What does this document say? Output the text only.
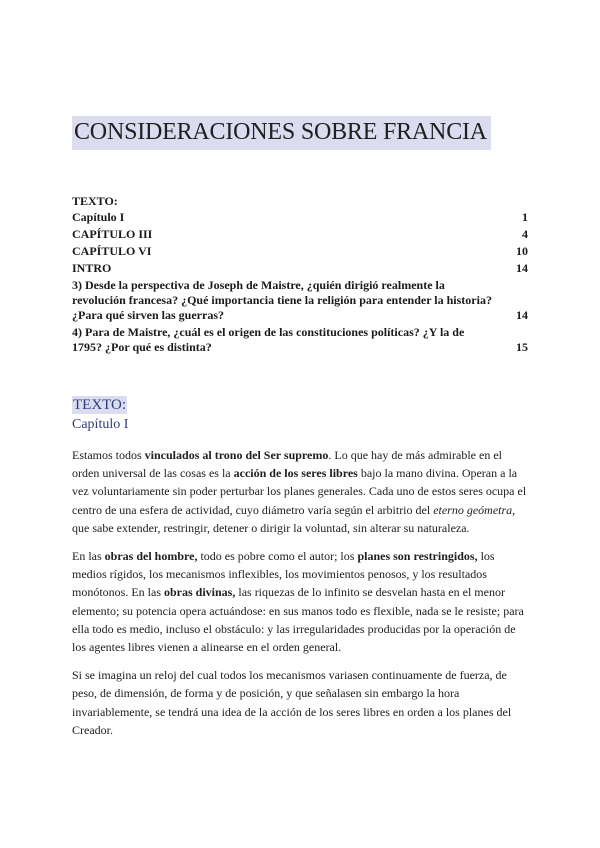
CONSIDERACIONES SOBRE FRANCIA
TEXTO:
Capítulo I	1
CAPÍTULO III	4
CAPÍTULO VI	10
INTRO	14
3) Desde la perspectiva de Joseph de Maistre, ¿quién dirigió realmente la revolución francesa? ¿Qué importancia tiene la religión para entender la historia? ¿Para qué sirven las guerras?	14
4) Para de Maistre, ¿cuál es el origen de las constituciones políticas? ¿Y la de 1795? ¿Por qué es distinta?	15
TEXTO:
Capítulo I

Estamos todos vinculados al trono del Ser supremo. Lo que hay de más admirable en el orden universal de las cosas es la acción de los seres libres bajo la mano divina. Operan a la vez voluntariamente sin poder perturbar los planes generales. Cada uno de estos seres ocupa el centro de una esfera de actividad, cuyo diámetro varía según el arbitrio del eterno geómetra, que sabe extender, restringir, detener o dirigir la voluntad, sin alterar su naturaleza.

En las obras del hombre, todo es pobre como el autor; los planes son restringidos, los medios rígidos, los mecanismos inflexibles, los movimientos penosos, y los resultados monótonos. En las obras divinas, las riquezas de lo infinito se desvelan hasta en el menor elemento; su potencia opera actuándose: en sus manos todo es flexible, nada se le resiste; para ella todo es medio, incluso el obstáculo: y las irregularidades producidas por la operación de los agentes libres vienen a alinearse en el orden general.

Si se imagina un reloj del cual todos los mecanismos variasen continuamente de fuerza, de peso, de dimensión, de forma y de posición, y que señalasen sin embargo la hora invariablemente, se tendrá una idea de la acción de los seres libres en orden a los planes del Creador.
